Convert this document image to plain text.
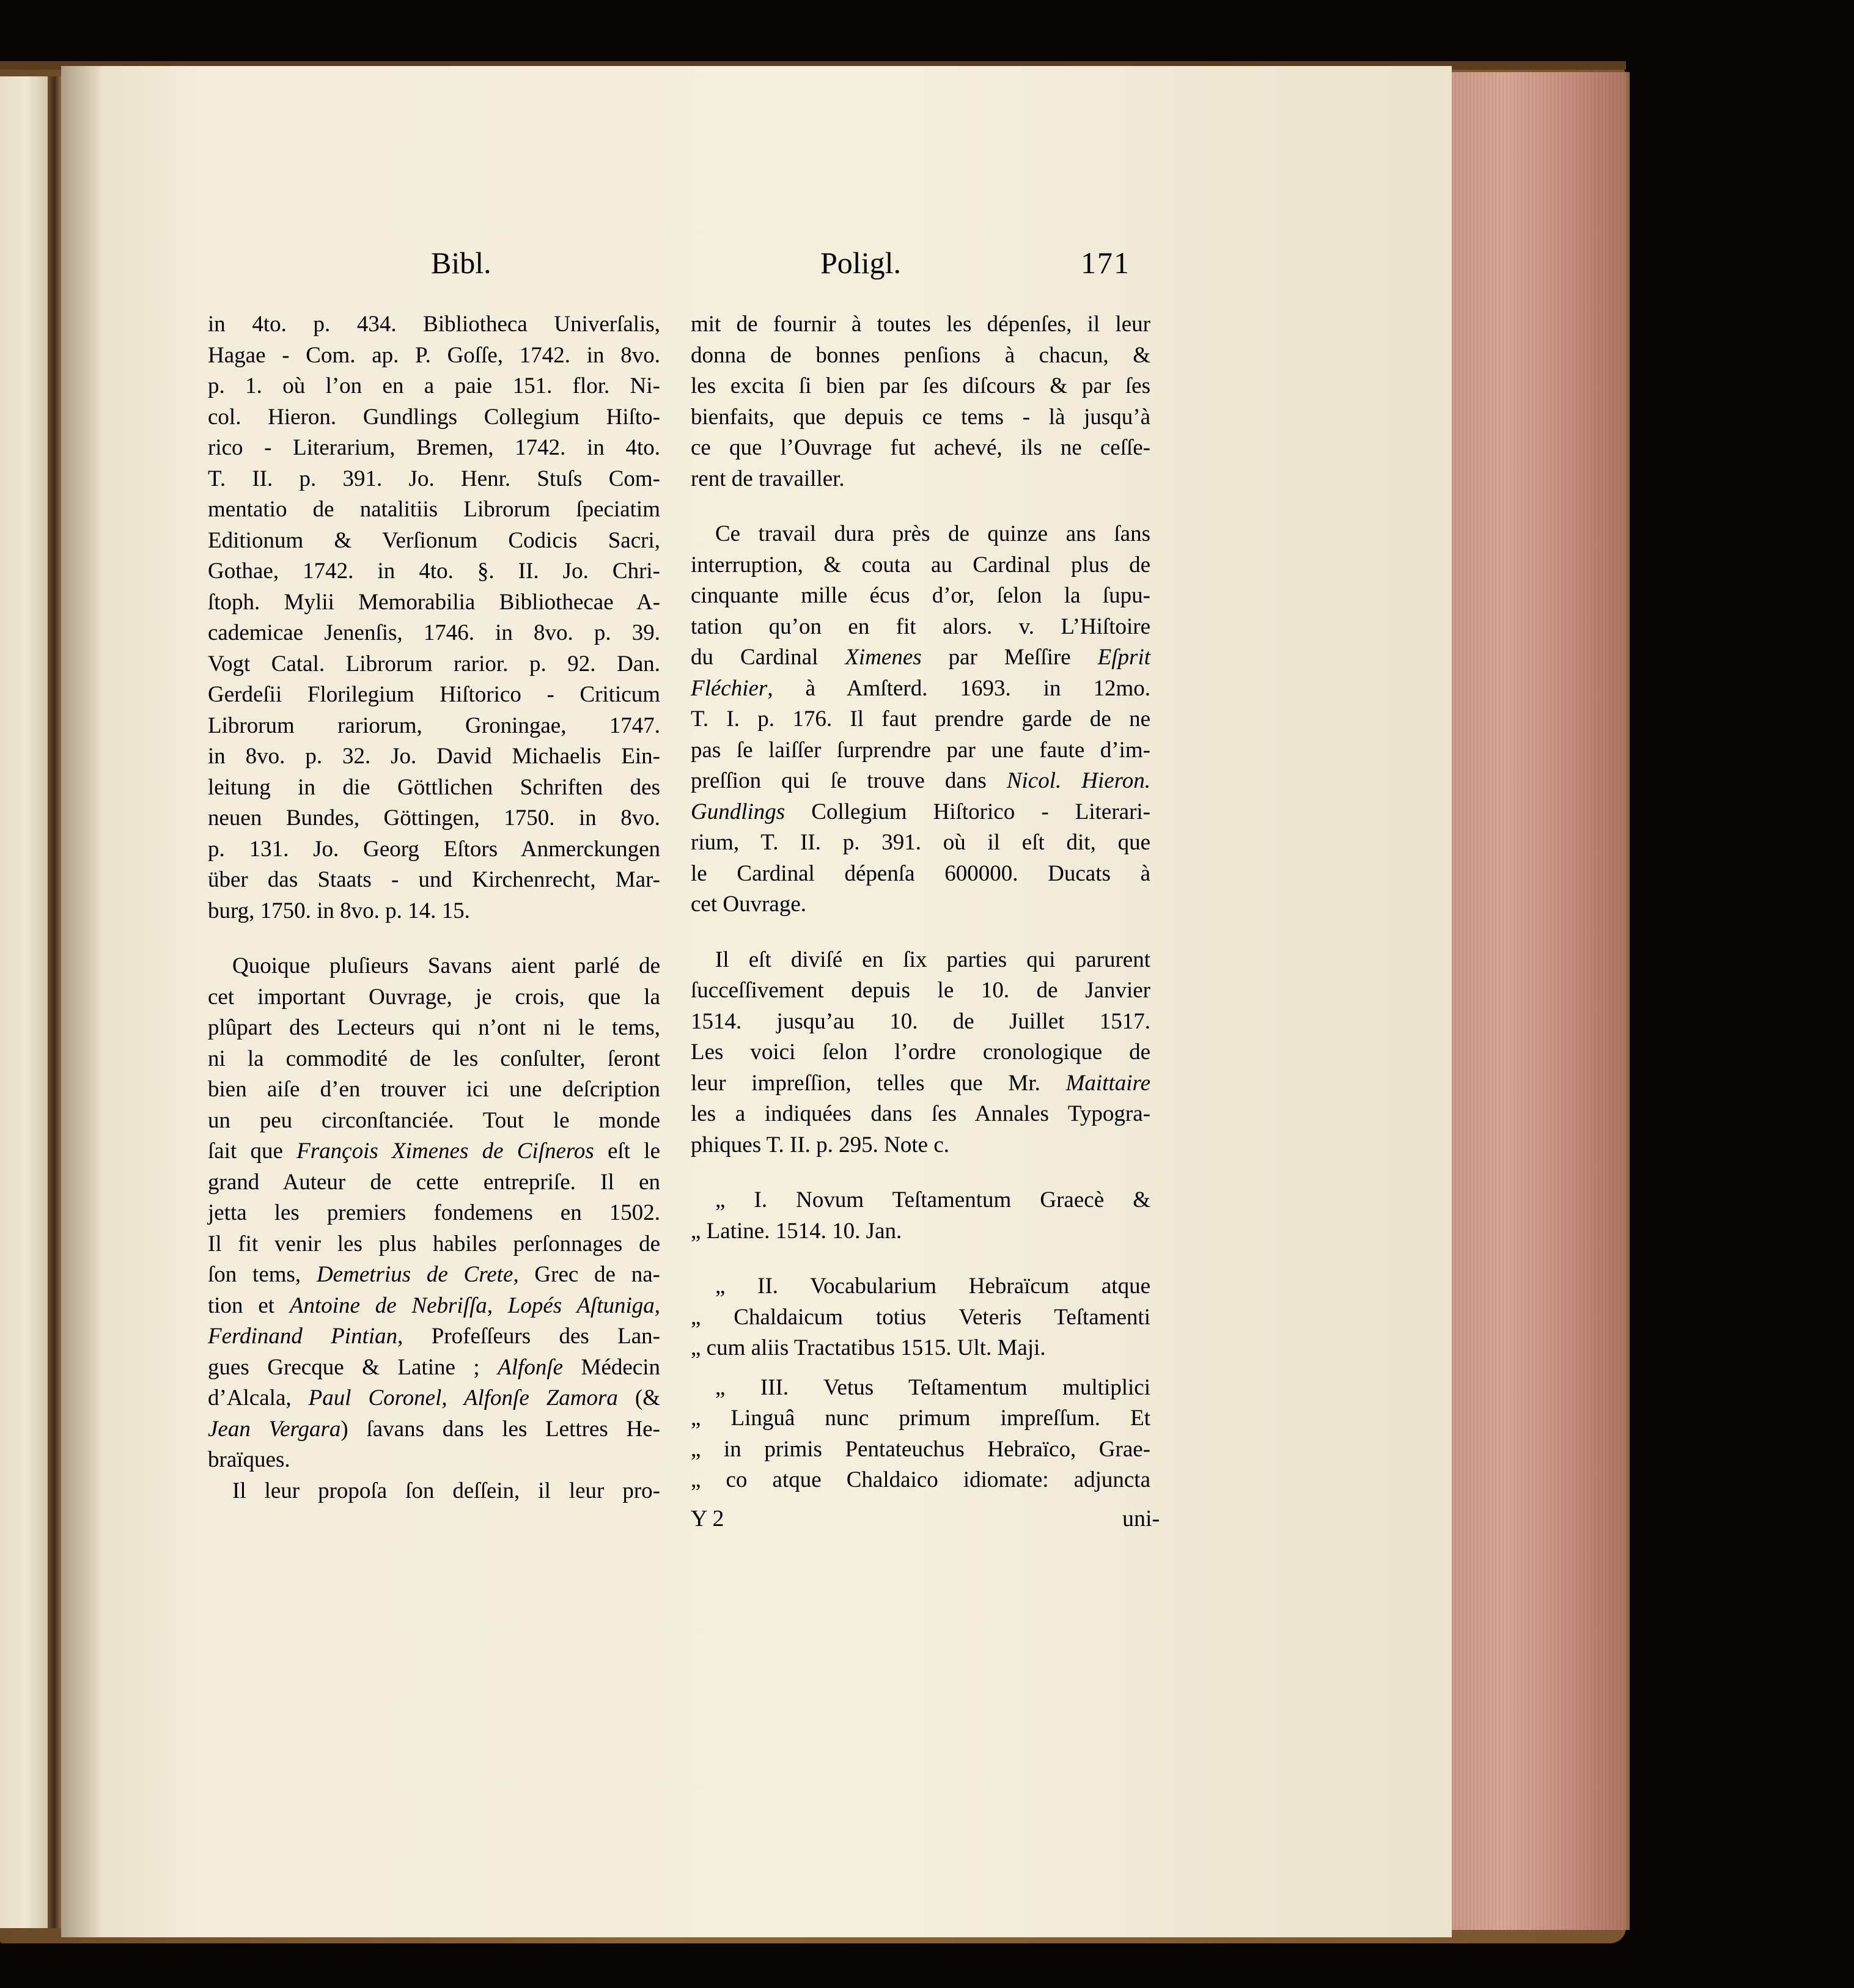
Bibl.	Poligl.	171
in 4to. p. 434. Bibliotheca Univerſalis,
Hagae - Com. ap. P. Goſſe, 1742. in 8vo.
p. 1. où l’on en a paie 151. flor. Ni-
col. Hieron. Gundlings Collegium Hiſto-
rico - Literarium, Bremen, 1742. in 4to.
T. II. p. 391. Jo. Henr. Stuſs Com-
mentatio de natalitiis Librorum ſpeciatim
Editionum & Verſionum Codicis Sacri,
Gothae, 1742. in 4to. §. II. Jo. Chri-
ſtoph. Mylii Memorabilia Bibliothecae A-
cademicae Jenenſis, 1746. in 8vo. p. 39.
Vogt Catal. Librorum rarior. p. 92. Dan.
Gerdeſii Florilegium Hiſtorico - Criticum
Librorum rariorum, Groningae, 1747.
in 8vo. p. 32. Jo. David Michaelis Ein-
leitung in die Göttlichen Schriften des
neuen Bundes, Göttingen, 1750. in 8vo.
p. 131. Jo. Georg Eſtors Anmerckungen
über das Staats - und Kirchenrecht, Mar-
burg, 1750. in 8vo. p. 14. 15.
Quoique pluſieurs Savans aient parlé de
cet important Ouvrage, je crois, que la
plûpart des Lecteurs qui n’ont ni le tems,
ni la commodité de les conſulter, ſeront
bien aiſe d’en trouver ici une deſcription
un peu circonſtanciée. Tout le monde
ſait que François Ximenes de Ciſneros eſt le
grand Auteur de cette entrepriſe. Il en
jetta les premiers fondemens en 1502.
Il fit venir les plus habiles perſonnages de
ſon tems, Demetrius de Crete, Grec de na-
tion et Antoine de Nebriſſa, Lopés Aſtuniga,
Ferdinand Pintian, Profeſſeurs des Lan-
gues Grecque & Latine ; Alfonſe Médecin
d’Alcala, Paul Coronel, Alfonſe Zamora (&
Jean Vergara) ſavans dans les Lettres He-
braïques.
Il leur propoſa ſon deſſein, il leur pro-
mit de fournir à toutes les dépenſes, il leur
donna de bonnes penſions à chacun, &
les excita ſi bien par ſes diſcours & par ſes
bienfaits, que depuis ce tems - là jusqu’à
ce que l’Ouvrage fut achevé, ils ne ceſſe-
rent de travailler.
Ce travail dura près de quinze ans ſans
interruption, & couta au Cardinal plus de
cinquante mille écus d’or, ſelon la ſupu-
tation qu’on en fit alors. v. L’Hiſtoire
du Cardinal Ximenes par Meſſire Eſprit
Fléchier, à Amſterd. 1693. in 12mo.
T. I. p. 176. Il faut prendre garde de ne
pas ſe laiſſer ſurprendre par une faute d’im-
preſſion qui ſe trouve dans Nicol. Hieron.
Gundlings Collegium Hiſtorico - Literari-
rium, T. II. p. 391. où il eſt dit, que
le Cardinal dépenſa 600000. Ducats à
cet Ouvrage.
Il eſt diviſé en ſix parties qui parurent
ſucceſſivement depuis le 10. de Janvier
1514. jusqu’au 10. de Juillet 1517.
Les voici ſelon l’ordre cronologique de
leur impreſſion, telles que Mr. Maittaire
les a indiquées dans ſes Annales Typogra-
phiques T. II. p. 295. Note c.
„ I. Novum Teſtamentum Graecè &
„ Latine. 1514. 10. Jan.
„ II. Vocabularium Hebraïcum atque
„ Chaldaicum totius Veteris Teſtamenti
„ cum aliis Tractatibus 1515. Ult. Maji.
„ III. Vetus Teſtamentum multiplici
„ Linguâ nunc primum impreſſum. Et
„ in primis Pentateuchus Hebraïco, Grae-
„ co atque Chaldaico idiomate: adjuncta
Y 2	uni-
